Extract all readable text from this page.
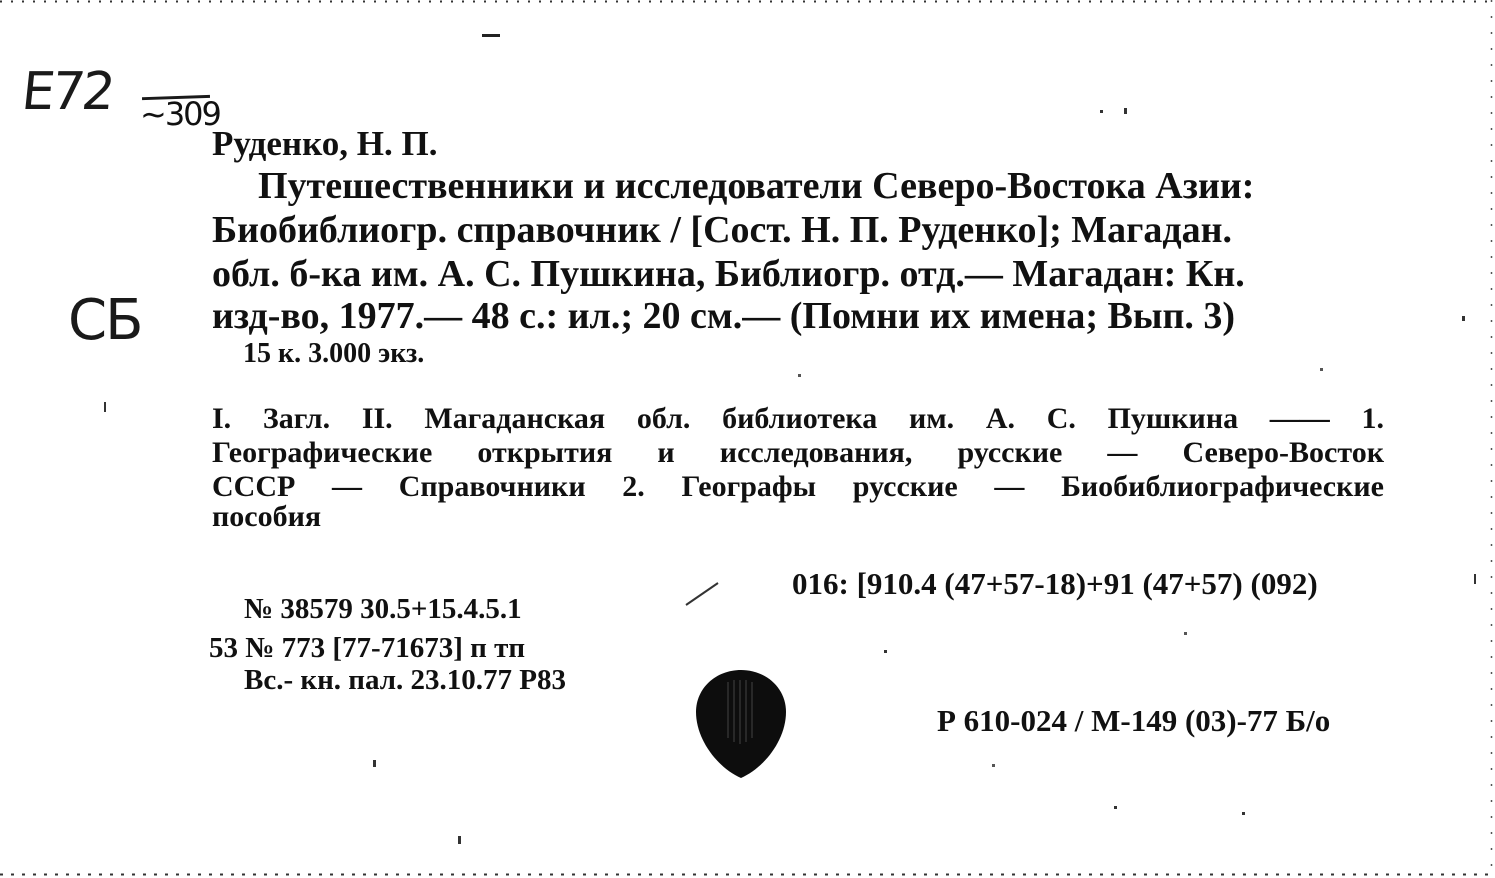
E72 ~309
СБ
Руденко, Н. П.
Путешественники и исследователи Северо-Востока Азии:
Биобиблиогр. справочник / [Сост. Н. П. Руденко]; Магадан.
обл. б-ка им. А. С. Пушкина, Библиогр. отд.— Магадан: Кн.
изд-во, 1977.— 48 с.: ил.; 20 см.— (Помни их имена; Вып. 3)
15 к. 3.000 экз.
I. Загл. II. Магаданская обл. библиотека им. А. С. Пушкина —— 1.
Географические открытия и исследования, русские — Северо-Восток
СССР — Справочники 2. Географы русские — Биобиблиографические
пособия
016: [910.4 (47+57-18)+91 (47+57) (092)
№ 38579 30.5+15.4.5.1
53 № 773 [77-71673] п тп
Вс.- кн. пал. 23.10.77 Р83
Р 610-024 / М-149 (03)-77 Б/о
